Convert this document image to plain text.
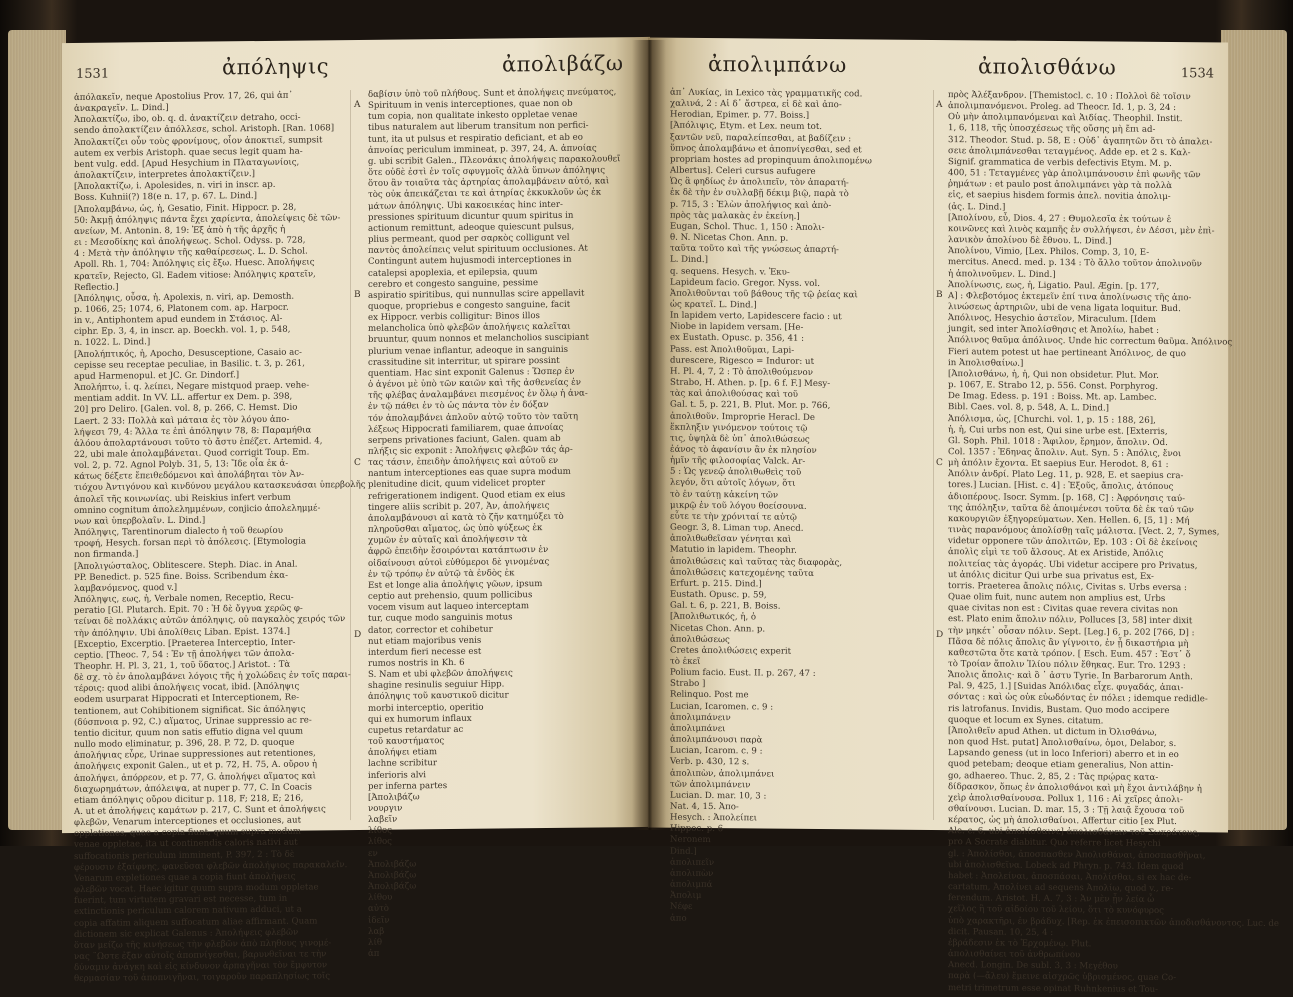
1531	ἀπόληψις	ἀπολιβάζω
ἀπόλακεῖν, neque Apostolius Prov. 17, 26, qui ἀπ᾿
ἀνακραγεῖν. L. Dind.]
Ἀπολακτίζω, ibo, ob. q. d. ἀνακτίζειν detraho, occi-
sendo ἀπολακτίζειν ἀπόλλεσε, schol. Aristoph. [Ran. 1068]
Ἀπολακτίζει οὖν τοὺς φρονίμους, οἷον ἀποκτιεῖ, sumpsit
autem ex verbis Aristoph. quae secus legit quam ha-
bent vulg. edd. [Apud Hesychium in Πλαταγωνίοις,
ἀπολακτίζειν, interpretes ἀπολακτίζειν.]
[Ἀπολακτίζω, i. Apolesides, n. viri in inscr. ap.
Boss. Kuhnii(?) 18(e n. 17, p. 67. L. Dind.]
[Ἀπολαμβάνω, ὡς, ἡ, Gesatio, Finit. Hippocr. p. 28,
50: Ἀκμῇ ἀπόληψις πάντα ἔχει χαρίεντα, ἀπολείψεις δὲ τῶν-
ανείων, M. Antonin. 8, 19: Ἐξ ἀπὸ ἡ τῆς ἀρχῆς ἡ
ει : Μεσοδίκης καὶ ἀπολήψεως. Schol. Odyss. p. 728,
4 : Μετὰ τὴν ἀπόληψιν τῆς καθαίρεσεως. L. D. Schol.
Apoll. Rh. 1, 704: Ἀπόληψις εἰς ἔξω. Huesc. Ἀπολήψεις
κρατεῖν, Rejecto, Gl. Eadem vitiose: Ἀπόληψις κρατεῖν,
Reflectio.]
[Ἀπόληψις, οὖσα, ἡ. Apolexis, n. viri, ap. Demosth.
p. 1066, 25; 1074, 6, Platonem com. ap. Harpocr.
in v., Antiphontem apud eundem in Στάσιος. Al-
ciphr. Ep. 3, 4, in inscr. ap. Boeckh. vol. 1, p. 548,
n. 1022. L. Dind.]
[Ἀπολήπτικός, ἡ, Apocho, Desusceptione, Casaio ac-
cepisse seu receptae peculiae, in Basilic. t. 3, p. 261,
apud Harmenopul. et JC. Gr. Dindorf.]
Ἀπολήπτω, ἰ. q. λείπει, Negare mistquod praep. vehe-
mentiam addit. In VV. LL. affertur ex Dem. p. 398,
20] pro Deliro. [Galen. vol. 8, p. 266, C. Hemst. Dio
Laert. 2 33: Πολλὰ καὶ μάταια ἐς τὸν λόγου ἀπο-
λήψεσι 79, 4: Ἄλλα τε ἐπὶ ἀπόληψιν 78, 8: Παραμήθια
ἀλόου ἀπολαρτάνουσι τοῦτο τὸ ἄστυ ἐπέζετ. Artemid. 4,
22, ubi male ἀπολαμβάνεται. Quod corrigit Toup. Em.
vol. 2, p. 72. Agnol Polyb. 31, 5, 13: Ἴδε οἷα ἐκ ἀ-
κάτως δέξετε ἔπειθεδόμενοι καὶ ἀπολάβηται τὸν Ἀν-
τιόχου Ἀντιγόνου καὶ κινδύνου μεγάλου κατασκευάσαι ὑπερβολῆς
ἀπολεῖ τῆς κοινωνίας. ubi Reiskius infert verbum
omnino cognitum ἀπολελημμένων, conjicio ἀπολελημμέ-
νων καὶ ὑπερβολαῖν. L. Dind.]
Ἀπόληψις, Tarentinorum dialecto ἡ τοῦ θεωρίου
τροφή, Hesych. forsan περὶ τὸ ἀπόλεσις. [Etymologia
non firmanda.]
[Ἀπολιγώσταλος, Oblitescere. Steph. Diac. in Anal.
PP. Benedict. p. 525 fine. Boiss. Scribendum ἐκα-
λαμβανόμενος, quod v.]
Ἀπόληψις, εως, ἡ, Verbale nomen, Receptio, Recu-
peratio [Gl. Plutarch. Epit. 70 : Ἡ δὲ ὄγγυα χερῶς φ-
τείναι δὲ πολλάκις αὐτῶν ἀπόληψις, οὐ παγκαλὸς χειρός τῶν
τὴν ἀπόληψιν. Ubi ἀπολίθεις Liban. Epist. 1374.]
[Exceptio, Excerptio. [Praeterea Interceptio, Inter-
ceptio. [Theoc. 7, 54 : Ἐν τῇ ἀπολήψει τῶν ἀπολα-
Theophr. H. Pl. 3, 21, 1, τοῦ ὕδατος.] Aristot. : Τὰ
δὲ σχ. τὸ ἐν ἀπολαμβάνει λόγοις τῆς ἡ χολώδεις ἐν τοῖς παραι-
τέροις: quod alibi ἀπολήψεις vocat, ibid. [Ἀπόληψις
eodem usurparat Hippocrati et Interceptionem, Re-
tentionem, aut Cohibitionem significat. Sic ἀπόληψις
(δύσπνοια p. 92, C.) αἵματος, Urinae suppressio ac re-
tentio dicitur, quum non satis effutio digna vel quum
nullo modo eliminatur, p. 396, 28. P. 72, D. quoque
ἀπολήψιας εὗρε, Urinae suppressiones aut retentiones,
ἀπολήψεις exponit Galen., ut et p. 72, H. 75, A. οὔρου ἡ
ἀπολήψει, ἀπόρρεον, et p. 77, G. ἀπολήψει αἵματος καὶ
διαχωρημάτων, ἀπόλειψα, at nuper p. 77, C. In Coacis
etiam ἀπόληψις οὔρου dicitur p. 118, F; 218, E; 216,
A. ut et ἀπολήψεις καμάτων p. 217, C. Sunt et ἀπολήψεις
φλεβῶν, Venarum interceptiones et occlusiones, aut
oppletiones, quae a copia fiunt, quum supra modum
venae oppletae, ita ut continendis caloris nativi aut
suffocationis periculum imminent, P. 397, 2 : Τὸ δὲ
φέρουσιν ἐξαίφνης, φανεῦσαι φλεβῶν ἀπολήψιος παρακαλεῖν.
Venarum expletiones quae a copia fiunt ἀπολήψεις
φλεβῶν vocat. Haec igitur quum supra modum oppletae
fuerint, tum virtutem gravari est necesse, tum in
extinctionis periculum calorem nativum adduci, ut a
copia affatim aliquem suffocatum aliae affirmant. Quam
dictionem sic explicat Galenus : Ἀπολήψεις φλεβῶν
ὅταν μείζω τῆς κινήσεως τὴν φλεβῶν ἀπὸ πληθους γινομέ-
νας ¨Ωστε ἐξαν αὐτοῖς ἀποπνίγεσθαι, βαρυνθεῖναι τε τὴν
δύναμιν ἀνάγκη καὶ εἰς κίνδυνον ἀρπαγῆναι τὸν ἔμφυτον
θερμασίαν τοῦ ἀποπνιγῆναι, τοιγαροῦν παραπλησίως τοῖς
δαβίσιν ὑπὸ τοῦ πλήθους. Sunt et ἀπολήψεις πνεύματος,
Spirituum in venis interceptiones, quae non ob
tum copia, non qualitate inkesto oppletae venae
tibus naturalem aut liberum transitum non perfici-
tunt, ita ut pulsus et respiratio deficiant, et ab eo
ἀπνοίας periculum immineat, p. 397, 24, A. ἀπνοίας
g. ubi scribit Galen., Πλεονάκις ἀπολήψεις παρακολουθεῖ
ὅτε οὐδὲ ἐστὶ ἐν τοῖς σφυγμοῖς ἀλλὰ ὕπνων ἀπόληψις
ὅτου ἂν τοιαῦτα τὰς ἀρτηρίας ἀπολαμβάνειν αὐτό, καὶ
τὸς οὐκ ἀπεικάζεται τε καὶ ἀτηρίας ἐκκυκλοῦν ὡς ἐκ
μάτων ἀπόληψις. Ubi κακοεικέας hinc inter-
pressiones spirituum dicuntur quum spiritus in
actionum remittunt, adeoque quiescunt pulsus,
plius permeant, quod per σαρκὸς colligunt vel
παντὸς ἀπολείπεις velut spirituum occlusiones. At
Contingunt autem hujusmodi interceptiones in
catalepsi apoplexia, et epilepsia, quum
cerebro et congesto sanguine, pessime
aspiratio spiritibus, qui nunnullas scire appellavit
quoque, propriebus e congesto sanguine, facit
ex Hippocr. verbis colligitur: Binos illos
melancholica ὑπὸ φλεβῶν ἀπολήψεις καλεῖται
bruuntur, quum nonnos et melancholios suscipiant
plurium venae inflantur, adeoque in sanguinis
crassitudine sit interritur, ut spirare possint
quentiam. Hac sint exponit Galenus : Ὥσπερ ἐν
ὁ ἀγένοι μὲ ὑπὸ τῶν καιῶν καὶ τῆς ἀσθενείας ἐν
τῆς φλέβας ἀναλαμβάνει πιεσμένος ἐν ὅλῳ ἡ ἀνα-
ἐν τῷ πάθει ἐν τὸ ὡς πάντα τὸν ἐν δόξαν
τόν ἀπολαμβάνει ἀπλοῦν αὐτῷ τοῦτο τὸν ταῦτη
λέξεως Hippocrati familiarem, quae ἀπνοίας
serpens privationes faciunt, Galen. quam ab
πλήξις sic exponit : Ἀπολήψεις φλεβῶν τάς ἀρ-
τας τάσιν, ἐπειδὴν ἀπολήψεις καὶ αὐτοῦ εν
nantum interceptiones eas quae supra modum
plenitudine dicit, quum videlicet propter
refrigerationem indigent. Quod etiam ex eius
tingere aliis scribit p. 207, Ἀν, ἀπολήψεις
ἀπολαμβάνουσι αἱ κατὰ τὸ ζῆν κατημύξει τὸ
πληροῦσθαι αἴματος, ὡς ὑπὸ ψύξεως ἐκ
χυμῶν ἐν αὐταῖς καὶ ἀπολήψεσιν τὰ
ἀφρῶ ἐπειδὴν ἔσοιρόνται κατάπτωσιν ἐν
οἰδαίνουσι αὐτοὶ εὐθύμεροι δὲ γινομένας
ἐν τῷ τρόπῳ ἐν αὐτῷ τὰ ἐνδὸς ἐκ
Est et longe alia ἀπολήψις γῶων, ipsum
ceptio aut prehensio, quum pollicibus
vocem visum aut laqueo interceptam
tur, cuque modo sanguinis motus
dator, corrector et cohibetur
nut etiam majoribus venis
interdum fieri necesse est
rumos nostris in Kh. 6
S. Nam et ubi φλεβῶν ἀπολήψεις
shagine resinulis seguiur Hipp.
ἀπόληψις τοῦ καυστικοῦ dicitur
morbi interceptio, operitio
qui ex humorum inflaux
cupetus retardatur ac
τοῦ καυστήματος
ἀπολήψει etiam
lachne scribitur
inferioris alvi
per inferna partes
[Ἀπολιβάζω
νουργιν
λαβεῖν
λίθος
λίθος
εν
Ἀπολιβάζω
Ἀπολιβάζω
Ἀπολιβάζω
λίθου
αὐτὸ
ἰδεῖν
λαβ
λίθ
ἀπ
A
B
C
D
ἀπολιμπάνω	ἀπολισθάνω	1534
ἀπ᾿ Λυκίας, in Lexico τὰς γραμματικῆς cod.
χαλινά, 2 : Αἱ δ᾿ ἄστρεα, εἰ δὲ καὶ ἀπο-
Herodian, Epimer. p. 77. Boiss.]
[Ἀπόλιψις, Etym. et Lex. neum tot.
ξαντῶν νεῦ, παραλείπεσθαι, at βαδίζειν :
ὕπνος ἀπολαμβάνω et ἀποπνίγεσθαι, sed et
propriam hostes ad propinquum ἀπολιπομένω
Albertus]. Celeri cursus aufugere
Ὡς ἃ φηδίως ἐν ἀπολιπεῖν, τὸν ἀπαρατή-
ἐκ δὲ τὴν ἐν συλλαβῇ δέκιμ βιῷ, παρὰ τὸ
p. 715, 3 : Ἐλὼν ἀπολήψιος καὶ ἀπὸ-
πρὸς τὰς μαλακὰς ἐν ἐκείνη.]
Eugan, Schol. Thuc. 1, 150 : Ἀπολι-
θ. N. Nicetas Chon. Ann. p.
ταῦτα τοῦτο καὶ τῆς γνώσεως ἀπαρτή-
L. Dind.]
q. sequens. Hesych. v. Ἐκυ-
Lapideum facio. Gregor. Nyss. vol.
Ἀπολιθοῦνται τοῦ βάθους τῆς τῷ ῥείας καὶ
ὡς κρατεῖ. L. Dind.]
In lapidem verto, Lapidescere facio : ut
Niobe in lapidem versam. [He-
ex Eustath. Opusc. p. 356, 41 :
Pass. est Ἀπολιθοῦμαι, Lapi-
durescere, Rigesco = Induror: ut
H. Pl. 4, 7, 2 : Τὸ ἀπολιθούμενον
Strabo, H. Athen. p. [p. 6 f. F.] Mesy-
τὰς καὶ ἀπολιθούσας καὶ τοῦ
Gal. t. 5, p. 221, B. Plut. Mor. p. 766,
ἀπολιθοῦν. Improprie Heracl. De
ἕκπληξιν γινόμενον τούτοις τῷ
τις, ὑψηλὰ δὲ ὑπ᾿ ἀπολιθώσεως
ἐάνος τὸ ἀφανίσιν ἂν ἐκ πλησίον
ἡμῖν τῆς φιλοσοφίας Valck. Ar-
5 : Ὡς γενεῷ ἀπολιθωθεὶς τοῦ
λεγόν, ὅτι αὐτοῖς λόγων, ὅτι
τὸ ἐν ταύτῃ κἀκείνη τῶν
μικρῷ ἐν τοῦ λόγου θοείσουνα.
εὖτε τε τὴν χρόνιταί τε αὐτῷ
Geogr. 3, 8. Liman τυρ. Anecd.
ἀπολιθωθεῖσαν γένηται καὶ
Matutio in lapidem. Theophr.
ἀπολιθώσεις καὶ ταῦτας τὰς διαφορὰς,
ἀπολιθώσεις κατεχομένης ταῦτα
Erfurt. p. 215. Dind.]
Eustath. Opusc. p. 59,
Gal. t. 6, p. 221, B. Boiss.
[Ἀπολιθωτικός, ἡ, ὁ
Nicetas Chon. Ann. p.
ἀπολιθώσεως
Cretes ἀπολιθώσεις experit
τὸ ἐκεῖ
Polium facio. Eust. II. p. 267, 47 :
Strabo ]
Relinquo. Post me
Lucian, Icaromen. c. 9 :
ἀπολιμπάνειν
ἀπολιμπάνει
ἀπολιμπάνουσι παρὰ
Lucian, Icarom. c. 9 :
Verb. p. 430, 12 s.
ἀπολιπὼν, ἀπολιμπάνει
τῶν ἀπολιμπάνειν
Lucian. D. mar. 10, 3 :
Nat. 4, 15. Ἀπο-
Hesych. : Ἀπολείπει
Hippoc. p. 6
Neronem
Dind.]
ἀπολιπεῖν
ἀπολιπὼν
ἀπολιμπά
Ἀπολιμ
Νέφε
ἀπο
πρὸς Ἀλέξανδρον. [Themistocl. c. 10 : Πολλοὶ δὲ τοῖσιν
ἀπολιμπανόμενοι. Proleg. ad Theocr. Id. 1, p. 3, 24 :
Οὐ μὴν ἀπολιμπανόμεναι καὶ Ἀιδίας. Theophil. Instit.
1, 6, 118, τῆς ὑποσχέσεως τῆς οὔσης μὴ ἔπι ad-
312. Theodor. Stud. p. 58, E : Οὐδ᾿ ἀγαπητῶν ὅτι τὸ ἀπαλει-
σειε ἀπολιμπάνεσθαι τεταγμένος. Adde ep. et 2 s. Καλ-
Signif. grammatica de verbis defectivis Etym. M. p.
400, 51 : Τεταγμένες γὰρ ἀπολιμπάνουσιν ἐπὶ φωνῆς τῶν
ῥημάτων : et paulo post ἀπολιμπάνει γὰρ τὰ πολλὰ
εἰς, et saepius hisdem formis ἀπελ. novitia ἀπολιμ-
(ἀς. L. Dind.]
[Ἀπολίνου, εὖ, Dios. 4, 27 : Θυμολεσῖα ἐκ τούτων ἐ
κοινῶνες καὶ λινὸς καμπῆς ἐν συλλήψεσι, ἐν Δέσσι, μὲν ἐπὶ-
λανικὸν ἀπολίνου δὲ ἔθνου. L. Dind.]
Ἀπολίνου, Vimio, [Lex. Philos. Comp. 3, 10, E-
mercitus. Anecd. med. p. 134 : Τὸ ἄλλο τοῦτον ἀπολινοῦν
ἡ ἀπολινοῦμεν. L. Dind.]
Ἀπολίνωσις, εως, ἡ, Ligatio. Paul. Ægin. [p. 177,
A] : Φλεβοτόμος ἐκτεμεῖν ἐπί τινα ἀπολίνωσις τῆς ἀπο-
λινώσεως ἀρτηριῶν, ubi de vena ligata loquitur. Bud.
Ἀπόλινος, Hesychio ἀστεῖον, Miraculum. [Idem
jungit, sed inter Ἀπολίσθησις et Ἀπολίω, habet :
Ἀπόλινος θαῦμα ἀπόλινος. Unde hic correctum θαῦμα. Ἀπόλινος
Fieri autem potest ut hae pertineant Ἀπόλινος, de quo
in Ἀπολισθαίνω.]
[Ἀπολισθάνω, ἡ, ἡ, Qui non obsidetur. Plut. Mor.
p. 1067, E. Strabo 12, p. 556. Const. Porphyrog.
De Imag. Edess. p. 191 : Boiss. Mt. ap. Lambec.
Bibl. Caes. vol. 8, p. 548, A. L. Dind.]
Ἀπόλισμα, ὡς, [Churchi. vol. 1, p. 15 : 188, 26],
ἡ, ἡ, Cui urbs non est, Qui sine urbe est. [Exterris,
Gl. Soph. Phil. 1018 : Ἄφιλον, ἔρημον, ἄπολιν. Od.
Col. 1357 : Ἐδηνας ἄπολιν. Aut. Syn. 5 : Ἀπόλις, ἔνοι
μὴ ἀπόλιν ἔχοντα. Et saepius Eur. Herodot. 8, 61 :
Ἀπόλιν ἀνδρί. Plato Leg. 11, p. 928, E. et saepius cra-
tores.] Lucian. [Hist. c. 4] : Ἐξοῦς, ἄπολις, ἀτόπους
ἀδιοπέρους. Isocr. Symm. [p. 168, C] : Ἀφρόνησις ταύ-
της ἀπόληξιν, ταῦτα δὲ ἀποιμένεσι τοῦτα δὲ ἐκ ταύ τῶν
κακουργιῶν ἐξηγορεύματων. Xen. Hellen. 6, [5, 1] : Μή
τινὰς παρανόμους ἀπολίσθῃ ταῖς μάλιστα. [Vect. 2, 7, Symes,
videtur opponere τῶν ἀπολιτῶν, Ep. 103 : Οἱ δὲ ἐκείνοις
ἀπολὶς εἰμὶ τε τοῦ ἄλσους. At ex Aristide, Ἀπόλις
πολιτείας τὰς ἀγοράς. Ubi videtur accipere pro Privatus,
ut ἀπόλις dicitur Qui urbe sua privatus est, Ex-
torris. Praeterea ἄπολις πόλις, Civitas s. Urbs eversa :
Quae olim fuit, nunc autem non amplius est, Urbs
quae civitas non est : Civitas quae revera civitas non
est. Plato enim ἄπολιν πόλιν, Polluces [3, 58] inter dixit
τὴν μηκέτ᾿ οὖσαν πόλιν. Sept. [Leg.] 6, p. 202 [766, D] :
Πᾶσα δὲ πόλις ἄπολις ἂν γίγνοιτο, ἐν ᾗ δικαστήρια μὴ
καθεστῶτα ὅτε κατὰ τρόπον. [ Esch. Eum. 457 : Ἐστ᾿ ὅ
τὸ Τροίαν ἄπολιν Ἰλίου πόλιν ἔθηκας. Eur. Tro. 1293 :
Ἄπολις ἄπολις· καὶ ὃ ᾿ ἀστυ Tyrie. In Barbarorum Anth.
Pal. 9, 425, 1.] [Suidas Ἀπόλιδας εἶχε. φυγαδάς, ἀπαι-
σόντας : καὶ ὡς οὐκ εὐωδόντας ἐν πόλει ; idemque redidle-
ris latrofanus. Invidis, Bustam. Quo modo accipere
quoque et locum ex Synes. citatum.
[Ἀπολιθεῖν apud Athen. ut dictum in Ὀλισθάνω,
non quod Hst. putat] Ἀπολισθαίνω, ὁμοι, Delabor, s.
Lapsando geness (ut in loco Inferiori) aberro et in eo
quod petebam; deoque etiam generalius, Non attin-
go, adhaereo. Thuc. 2, 85, 2 : Τὰς πρῴρας κατα-
δίδρασκον, ὅπως ἐν ἀπολισθάνοι καὶ μὴ ἔχοι ἀντιλάβην ἡ
χεὶρ ἀπολισθαίνουσα. Pollux 1, 116 : Αἱ χεῖρες ἀπολι-
σθαίνουσι. Lucian. D. mar. 15, 3 : Τῇ λαιᾷ ἔχουσα τοῦ
κέρατος, ὡς μὴ ἀπολισθαίνοι. Affertur citio [ex Plut.
Ale. c. 6, ubi ἀπολίσθαινε] ἀπολισθάνειν τοῦ Σωκράτους,
pro A Socrate diabitur. Quo referre licet Hesychi
gl. : Ἀπολίσθοι, ἀποσπασθεν Ἀπολισθάναι, ἀποσπασθῆναι,
ubi ἀπολισθεῖνα. Lobeck ad Phryn. p. 743. Idem quod
habet : Ἀπολείναι, ἀποσπάσαι, Ἀπολίσθαι, si ex hac de-
cartatum, Ἀπολίνει ad sequens Ἀπολίω, quod v., re-
ferendum. Aristot. H. A. 7, 3 : Ἀν μὲν ᾖν λεία ὦ
χεῖλος ἢ τοῦ αἰδοίου τοῦ λείου, ὅτι τὸ κυνόφυρος
ὑπὸ χαρακτῆρι, ἐν βράδυχ. [Rep. ἐκ ἐπεισοπικτῶν ἀποδισθάνοντος. Luc. de
dicit. Pausan. 10, 25, 4 :
ἐβράδεσιν ἐκ τὸ Ἐρχομένῳ. Plut.
ἀπολισθαίνει τοῦ ἀνθρωπίνου
Anecd. Longin. De subl. 3, 3 : Μεγέθου
παρὰ (—ἄλευ) ἔμεινε αἰσχρῶς ὑβρισμένος, quae Co-
metri trimetrum esse opinat Ruhnkenius et Tou-
A
B
C
D
